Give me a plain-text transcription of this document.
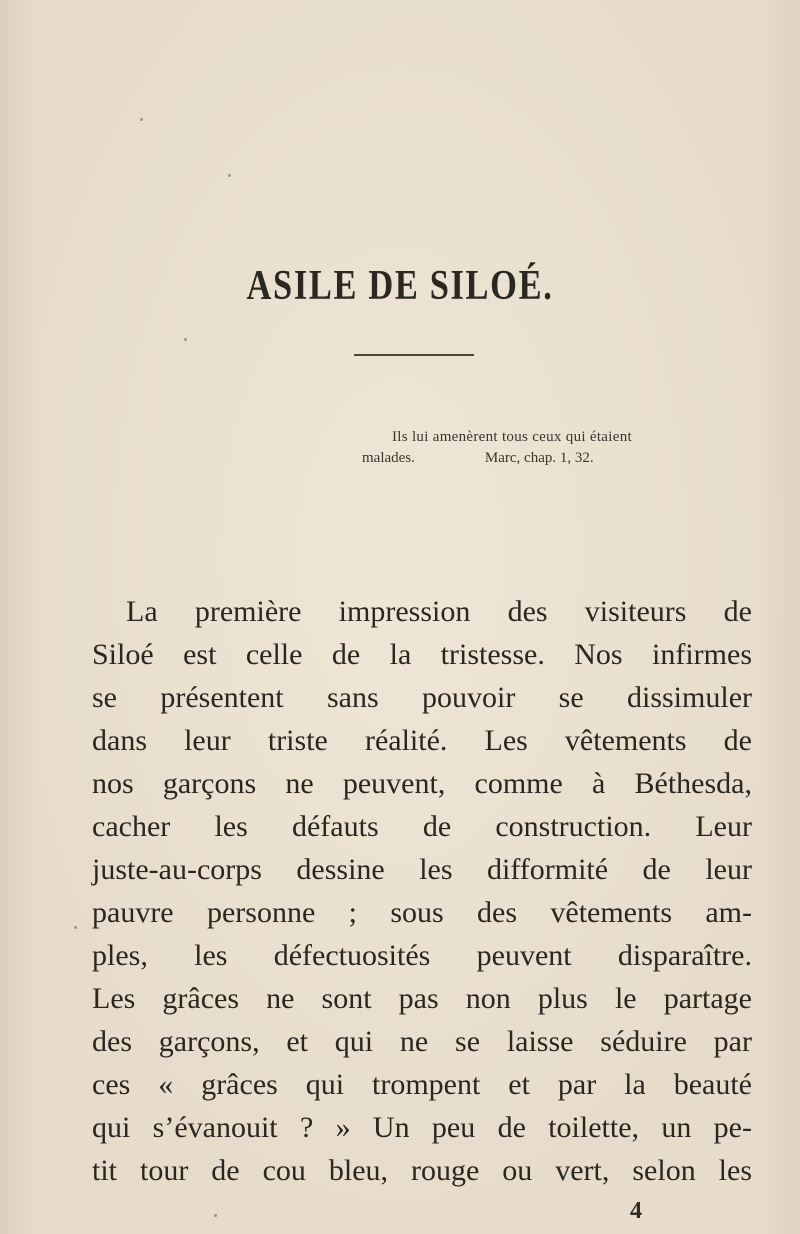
ASILE DE SILOÉ.
Ils lui amenèrent tous ceux qui étaient
malades.	Marc, chap. 1, 32.
La première impression des visiteurs de
Siloé est celle de la tristesse. Nos infirmes
se présentent sans pouvoir se dissimuler
dans leur triste réalité. Les vêtements de
nos garçons ne peuvent, comme à Béthesda,
cacher les défauts de construction. Leur
juste-au-corps dessine les difformité de leur
pauvre personne ; sous des vêtements am-
ples, les défectuosités peuvent disparaître.
Les grâces ne sont pas non plus le partage
des garçons, et qui ne se laisse séduire par
ces « grâces qui trompent et par la beauté
qui s’évanouit ? » Un peu de toilette, un pe-
tit tour de cou bleu, rouge ou vert, selon les
4
